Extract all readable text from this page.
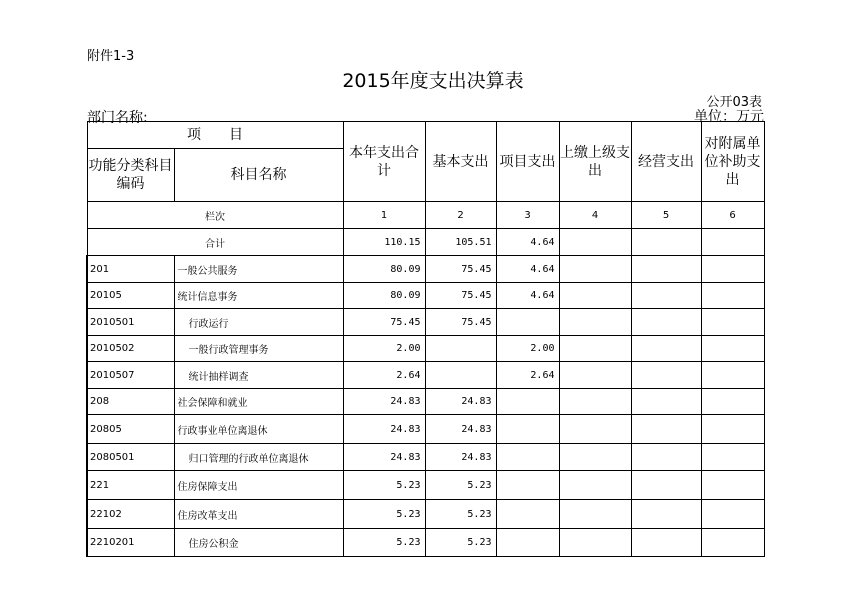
附件1-3
2015年度支出决算表
公开03表
部门名称:	单位：万元
项　　目		本年支出合计	基本支出	项目支出	上缴上级支出	经营支出	对附属单位补助支出
功能分类科目编码	科目名称						
栏次		1	2	3	4	5	6
合计		110.15	105.51	4.64			
201	一般公共服务	80.09	75.45	4.64			
20105	统计信息事务	80.09	75.45	4.64			
2010501	行政运行	75.45	75.45				
2010502	一般行政管理事务	2.00		2.00			
2010507	统计抽样调查	2.64		2.64			
208	社会保障和就业	24.83	24.83				
20805	行政事业单位离退休	24.83	24.83				
2080501	归口管理的行政单位离退休	24.83	24.83				
221	住房保障支出	5.23	5.23				
22102	住房改革支出	5.23	5.23				
2210201	住房公积金	5.23	5.23				
